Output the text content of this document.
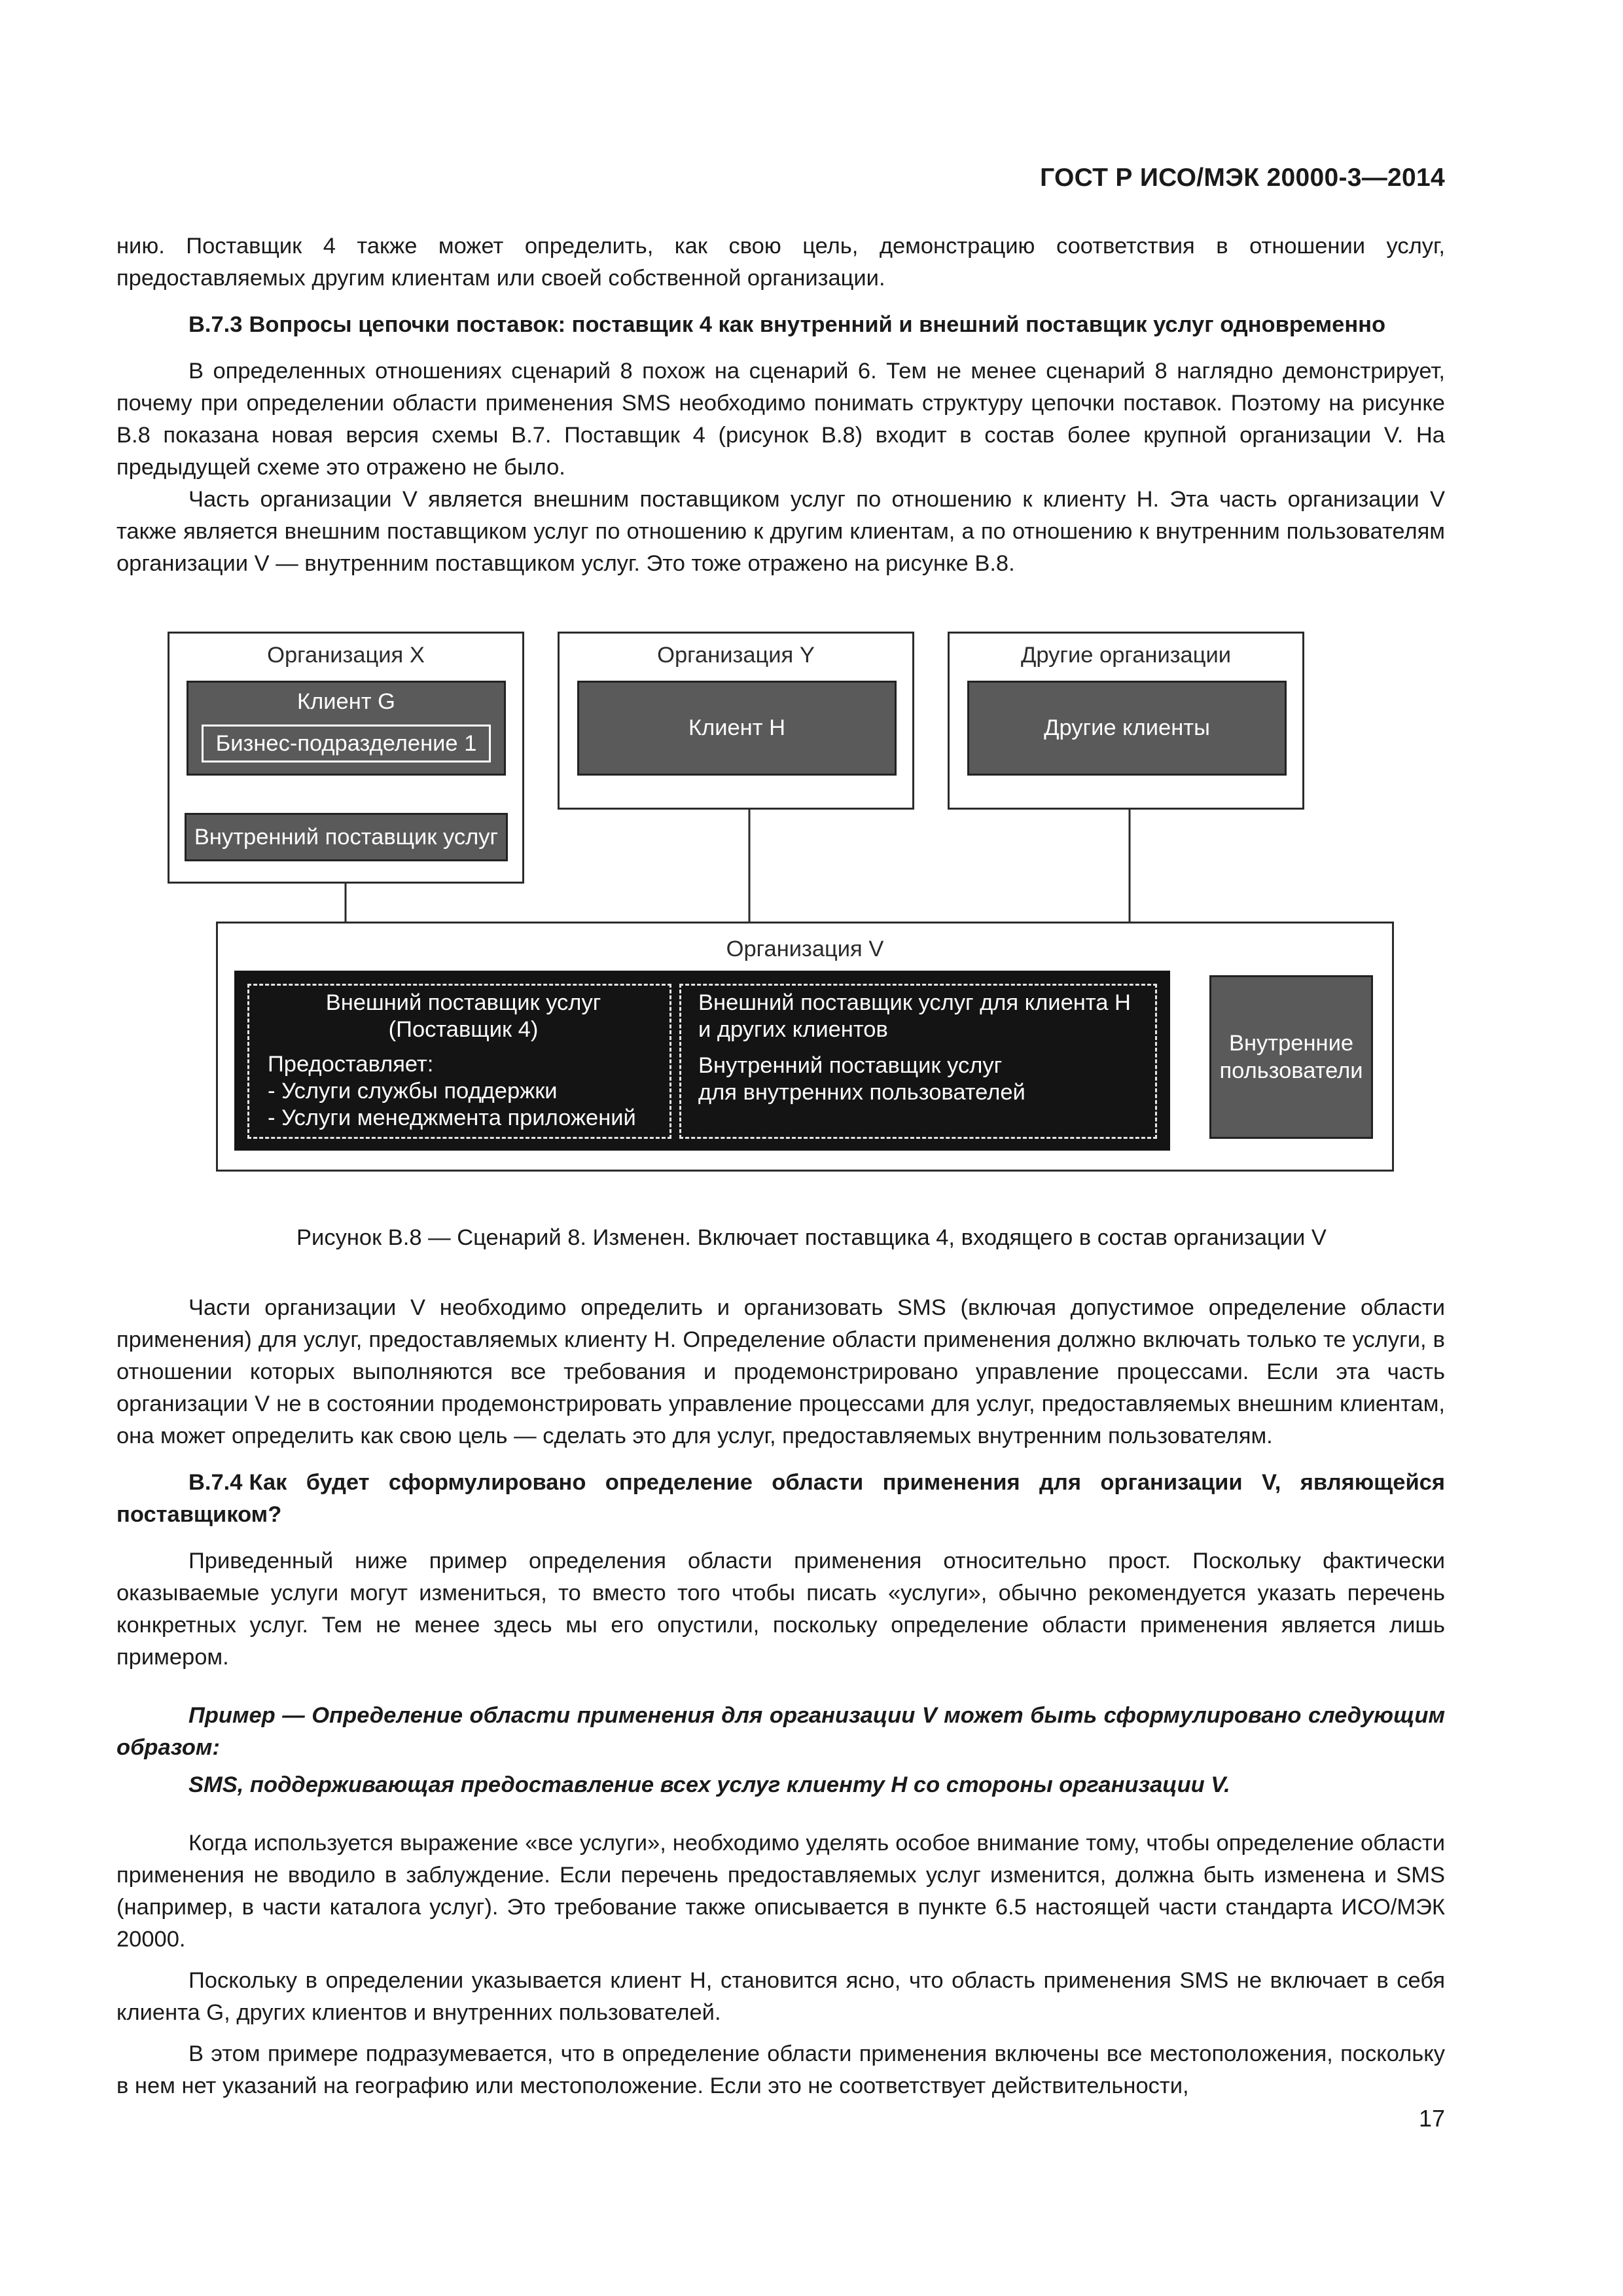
ГОСТ Р ИСО/МЭК 20000-3—2014

нию. Поставщик 4 также может определить, как свою цель, демонстрацию соответствия в отношении услуг, предоставляемых другим клиентам или своей собственной организации.

В.7.3 Вопросы цепочки поставок: поставщик 4 как внутренний и внешний поставщик услуг одновременно

В определенных отношениях сценарий 8 похож на сценарий 6. Тем не менее сценарий 8 наглядно демонстрирует, почему при определении области применения SMS необходимо понимать структуру цепочки поставок. Поэтому на рисунке В.8 показана новая версия схемы В.7. Поставщик 4 (рисунок В.8) входит в состав более крупной организации V. На предыдущей схеме это отражено не было.

Часть организации V является внешним поставщиком услуг по отношению к клиенту Н. Эта часть организации V также является внешним поставщиком услуг по отношению к другим клиентам, а по отношению к внутренним пользователям организации V — внутренним поставщиком услуг. Это тоже отражено на рисунке В.8.

Организация X
Клиент G
Бизнес-подразделение 1
Внутренний поставщик услуг
Организация Y
Клиент Н
Другие организации
Другие клиенты
Организация V
Внешний поставщик услуг
(Поставщик 4)
Предоставляет:
- Услуги службы поддержки
- Услуги менеджмента приложений
Внешний поставщик услуг для клиента Н
и других клиентов
Внутренний поставщик услуг
для внутренних пользователей
Внутренние
пользователи
Рисунок В.8 — Сценарий 8. Изменен. Включает поставщика 4, входящего в состав организации V

Части организации V необходимо определить и организовать SMS (включая допустимое определение области применения) для услуг, предоставляемых клиенту Н. Определение области применения должно включать только те услуги, в отношении которых выполняются все требования и продемонстрировано управление процессами. Если эта часть организации V не в состоянии продемонстрировать управление процессами для услуг, предоставляемых внешним клиентам, она может определить как свою цель — сделать это для услуг, предоставляемых внутренним пользователям.

В.7.4 Как будет сформулировано определение области применения для организации V, являющейся поставщиком?

Приведенный ниже пример определения области применения относительно прост. Поскольку фактически оказываемые услуги могут измениться, то вместо того чтобы писать «услуги», обычно рекомендуется указать перечень конкретных услуг. Тем не менее здесь мы его опустили, поскольку определение области применения является лишь примером.

Пример — Определение области применения для организации V может быть сформулировано следующим образом:

SMS, поддерживающая предоставление всех услуг клиенту Н со стороны организации V.

Когда используется выражение «все услуги», необходимо уделять особое внимание тому, чтобы определение области применения не вводило в заблуждение. Если перечень предоставляемых услуг изменится, должна быть изменена и SMS (например, в части каталога услуг). Это требование также описывается в пункте 6.5 настоящей части стандарта ИСО/МЭК 20000.

Поскольку в определении указывается клиент Н, становится ясно, что область применения SMS не включает в себя клиента G, других клиентов и внутренних пользователей.

В этом примере подразумевается, что в определение области применения включены все местоположения, поскольку в нем нет указаний на географию или местоположение. Если это не соответствует действительности,

17
